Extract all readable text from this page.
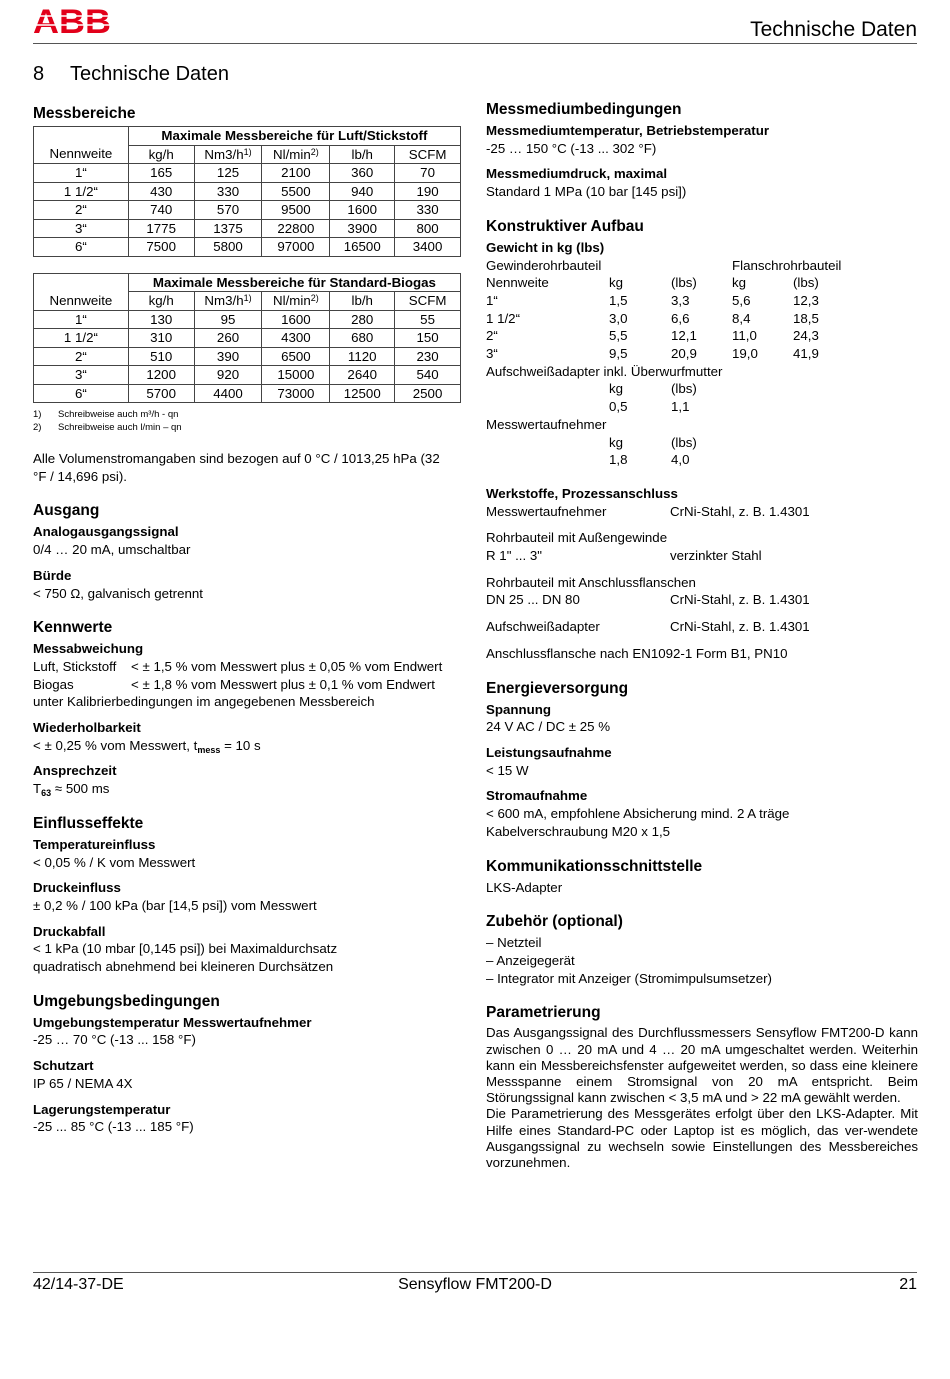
ABB	Technische Daten
8 Technische Daten
Messbereiche
	Maximale Messbereiche für Luft/Stickstoff				
Nennweite	kg/h	$Nm3/h^{1)}$	$Nl/\min^{2)}$	lb/h	SCFM
1“	165	125	2100	360	70
1 1/2“	430	330	5500	940	190
2“	740	570	9500	1600	330
3“	1775	1375	22800	3900	800
6“	7500	5800	97000	16500	3400
	Maximale Messbereiche für Standard-Biogas				
Nennweite	kg/h	$Nm3/h^{1)}$	$Nl/\min^{2)}$	lb/h	SCFM
1“	130	95	1600	280	55
1 1/2“	310	260	4300	680	150
2“	510	390	6500	1120	230
3“	1200	920	15000	2640	540
6“	5700	4400	73000	12500	2500
1) Schreibweise auch m³/h - qn
2) Schreibweise auch l/min – qn

Alle Volumenstromangaben sind bezogen auf 0 °C / 1013,25 hPa (32 °F / 14,696 psi).

Ausgang
Analogausgangssignal

0/4 … 20 mA, umschaltbar

Bürde

< 750 Ω, galvanisch getrennt

Kennwerte
Messabweichung
Luft, Stickstoff	< ± 1,5 % vom Messwert plus ± 0,05 % vom Endwert
Biogas	< ± 1,8 % vom Messwert plus ± 0,1 % vom Endwert

unter Kalibrierbedingungen im angegebenen Messbereich

Wiederholbarkeit

< ± 0,25 % vom Messwert, $t_{mess} = 10$ s

Ansprechzeit

$T_{63} \approx 500$ ms

Einflusseffekte
Temperatureinfluss

< 0,05 % / K vom Messwert

Druckeinfluss

± 0,2 % / 100 kPa (bar [14,5 psi]) vom Messwert

Druckabfall

< 1 kPa (10 mbar [0,145 psi]) bei Maximaldurchsatz quadratisch abnehmend bei kleineren Durchsätzen

Umgebungsbedingungen
Umgebungstemperatur Messwertaufnehmer

-25 … 70 °C (-13 ... 158 °F)

Schutzart

IP 65 / NEMA 4X

Lagerungstemperatur

-25 ... 85 °C (-13 ... 185 °F)

Messmediumbedingungen
Messmediumtemperatur, Betriebstemperatur

-25 … 150 °C (-13 ... 302 °F)

Messmediumdruck, maximal

Standard 1 MPa (10 bar [145 psi])

Konstruktiver Aufbau
Gewicht in kg (lbs)
Gewinderohrbauteil	Flanschrohrbauteil
Nennweite	kg	(lbs)	kg	(lbs)
1“	1,5	3,3	5,6	12,3
1 1/2“	3,0	6,6	8,4	18,5
2“	5,5	12,1	11,0	24,3
3“	9,5	20,9	19,0	41,9

Aufschweißadapter inkl. Überwurfmutter

kg	(lbs)
0,5	1,1

Messwertaufnehmer

kg	(lbs)
1,8	4,0
Werkstoffe, Prozessanschluss
Messwertaufnehmer	CrNi-Stahl, z. B. 1.4301
Rohrbauteil mit Außengewinde
R 1" ... 3"	verzinkter Stahl
Rohrbauteil mit Anschlussflanschen
DN 25 ... DN 80	CrNi-Stahl, z. B. 1.4301
Aufschweißadapter	CrNi-Stahl, z. B. 1.4301
Anschlussflansche nach EN1092-1 Form B1, PN10
Energieversorgung
Spannung

24 V AC / DC ± 25 %

Leistungsaufnahme

< 15 W

Stromaufnahme

< 600 mA, empfohlene Absicherung mind. 2 A träge

Kabelverschraubung M20 x 1,5

Kommunikationsschnittstelle

LKS-Adapter

Zubehör (optional)

– Netzteil

– Anzeigegerät

– Integrator mit Anzeiger (Stromimpulsumsetzer)

Parametrierung

Das Ausgangssignal des Durchflussmessers Sensyflow FMT200-D kann zwischen 0 … 20 mA und 4 … 20 mA umgeschaltet werden. Weiterhin kann ein Messbereichsfenster aufgeweitet werden, so dass eine kleinere Messspanne einem Stromsignal von 20 mA entspricht. Beim Störungssignal kann zwischen < 3,5 mA und > 22 mA gewählt werden.

Die Parametrierung des Messgerätes erfolgt über den LKS-Adapter. Mit Hilfe eines Standard-PC oder Laptop ist es möglich, das ver-wendete Ausgangssignal zu wechseln sowie Einstellungen des Messbereiches vorzunehmen.

42/14-37-DE	Sensyflow FMT200-D	21
